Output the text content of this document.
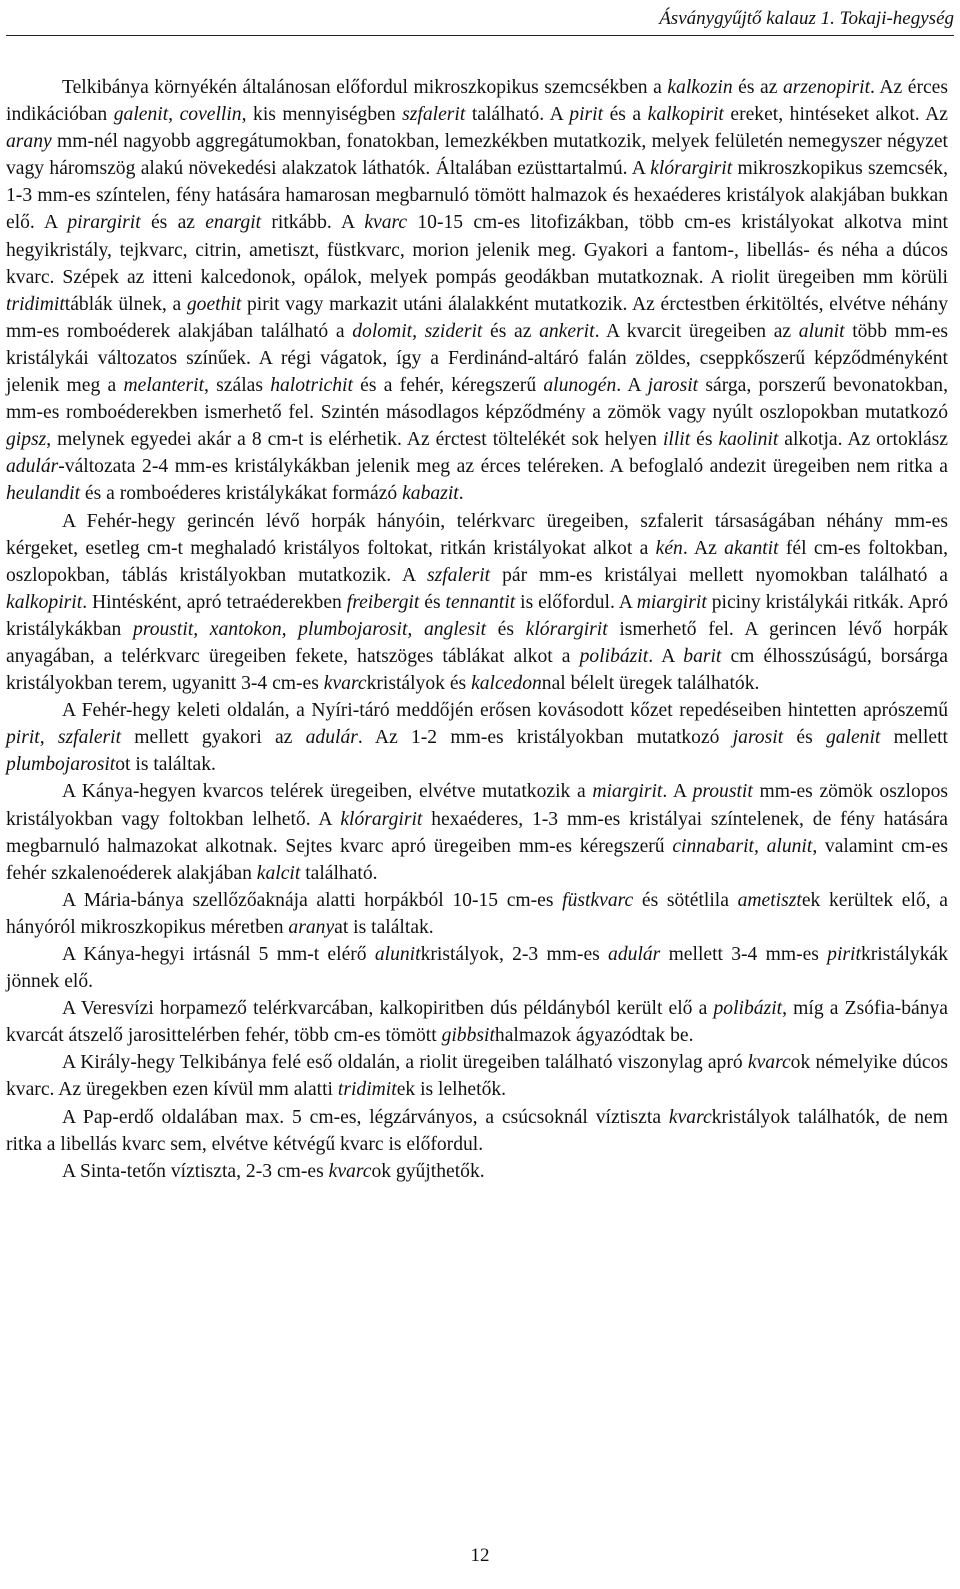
Ásványgyűjtő kalauz 1. Tokaji-hegység

Telkibánya környékén általánosan előfordul mikroszkopikus szemcsékben a kalkozin és az arzenopirit. Az érces indikációban galenit, covellin, kis mennyiségben szfalerit található. A pirit és a kalkopirit ereket, hintéseket alkot. Az arany mm-nél nagyobb aggregátumokban, fonatokban, lemezkékben mutatkozik, melyek felületén nemegyszer négyzet vagy háromszög alakú növekedési alakzatok láthatók. Általában ezüsttartalmú. A klórargirit mikroszkopikus szemcsék, 1-3 mm-es színtelen, fény hatására hamarosan megbarnuló tömött halmazok és hexaéderes kristályok alakjában bukkan elő. A pirargirit és az enargit ritkább. A kvarc 10-15 cm-es litofizákban, több cm-es kristályokat alkotva mint hegyikristály, tejkvarc, citrin, ametiszt, füstkvarc, morion jelenik meg. Gyakori a fantom-, libellás- és néha a dúcos kvarc. Szépek az itteni kalcedonok, opálok, melyek pompás geodákban mutatkoznak. A riolit üregeiben mm körüli tridimittáblák ülnek, a goethit pirit vagy markazit utáni álalakként mutatkozik. Az érctestben érkitöltés, elvétve néhány mm-es romboéderek alakjában található a dolomit, sziderit és az ankerit. A kvarcit üregeiben az alunit több mm-es kristálykái változatos színűek. A régi vágatok, így a Ferdinánd-altáró falán zöldes, cseppkőszerű képződményként jelenik meg a melanterit, szálas halotrichit és a fehér, kéregszerű alunogén. A jarosit sárga, porszerű bevonatokban, mm-es romboéderekben ismerhető fel. Szintén másodlagos képződmény a zömök vagy nyúlt oszlopokban mutatkozó gipsz, melynek egyedei akár a 8 cm-t is elérhetik. Az érctest töltelékét sok helyen illit és kaolinit alkotja. Az ortoklász adulár-változata 2-4 mm-es kristálykákban jelenik meg az érces teléreken. A befoglaló andezit üregeiben nem ritka a heulandit és a romboéderes kristálykákat formázó kabazit.

A Fehér-hegy gerincén lévő horpák hányóin, telérkvarc üregeiben, szfalerit társaságában néhány mm-es kérgeket, esetleg cm-t meghaladó kristályos foltokat, ritkán kristályokat alkot a kén. Az akantit fél cm-es foltokban, oszlopokban, táblás kristályokban mutatkozik. A szfalerit pár mm-es kristályai mellett nyomokban található a kalkopirit. Hintésként, apró tetraéderekben freibergit és tennantit is előfordul. A miargirit piciny kristálykái ritkák. Apró kristálykákban proustit, xantokon, plumbojarosit, anglesit és klórargirit ismerhető fel. A gerincen lévő horpák anyagában, a telérkvarc üregeiben fekete, hatszöges táblákat alkot a polibázit. A barit cm élhosszúságú, borsárga kristályokban terem, ugyanitt 3-4 cm-es kvarckristályok és kalcedonnal bélelt üregek találhatók.

A Fehér-hegy keleti oldalán, a Nyíri-táró meddőjén erősen kovásodott kőzet repedéseiben hintetten aprószemű pirit, szfalerit mellett gyakori az adulár. Az 1-2 mm-es kristályokban mutatkozó jarosit és galenit mellett plumbojarositot is találtak.

A Kánya-hegyen kvarcos telérek üregeiben, elvétve mutatkozik a miargirit. A proustit mm-es zömök oszlopos kristályokban vagy foltokban lelhető. A klórargirit hexaéderes, 1-3 mm-es kristályai színtelenek, de fény hatására megbarnuló halmazokat alkotnak. Sejtes kvarc apró üregeiben mm-es kéregszerű cinnabarit, alunit, valamint cm-es fehér szkalenoéderek alakjában kalcit található.

A Mária-bánya szellőzőaknája alatti horpákból 10-15 cm-es füstkvarc és sötétlila ametisztek kerültek elő, a hányóról mikroszkopikus méretben aranyat is találtak.

A Kánya-hegyi irtásnál 5 mm-t elérő alunitkristályok, 2-3 mm-es adulár mellett 3-4 mm-es piritkristálykák jönnek elő.

A Veresvízi horpamező telérkvarcában, kalkopiritben dús példányból került elő a polibázit, míg a Zsófia-bánya kvarcát átszelő jarosittelérben fehér, több cm-es tömött gibbsithalmazok ágyazódtak be.

A Király-hegy Telkibánya felé eső oldalán, a riolit üregeiben található viszonylag apró kvarcok némelyike dúcos kvarc. Az üregekben ezen kívül mm alatti tridimitek is lelhetők.

A Pap-erdő oldalában max. 5 cm-es, légzárványos, a csúcsoknál víztiszta kvarckristályok találhatók, de nem ritka a libellás kvarc sem, elvétve kétvégű kvarc is előfordul.

A Sinta-tetőn víztiszta, 2-3 cm-es kvarcok gyűjthetők.

12
